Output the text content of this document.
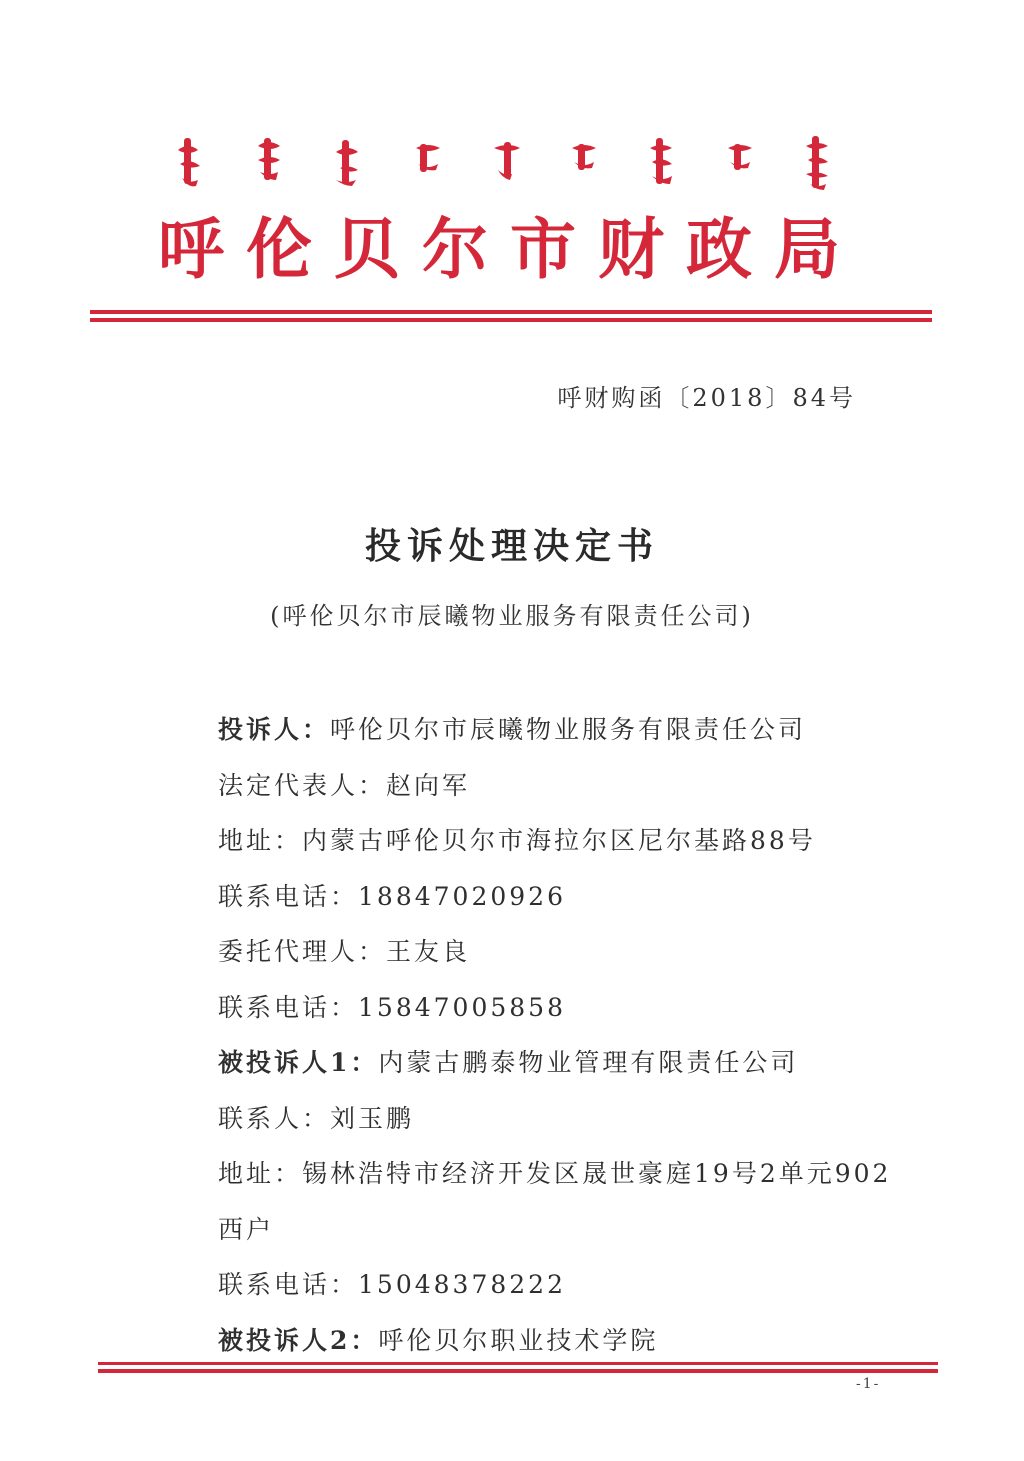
呼伦贝尔市财政局
呼财购函〔2018〕84号
投诉处理决定书
(呼伦贝尔市辰曦物业服务有限责任公司)
投诉人：呼伦贝尔市辰曦物业服务有限责任公司
法定代表人：赵向军
地址：内蒙古呼伦贝尔市海拉尔区尼尔基路88号
联系电话：18847020926
委托代理人：王友良
联系电话：15847005858
被投诉人1：内蒙古鹏泰物业管理有限责任公司
联系人：刘玉鹏
地址：锡林浩特市经济开发区晟世豪庭19号2单元902
西户
联系电话：15048378222
被投诉人2：呼伦贝尔职业技术学院
-1-
